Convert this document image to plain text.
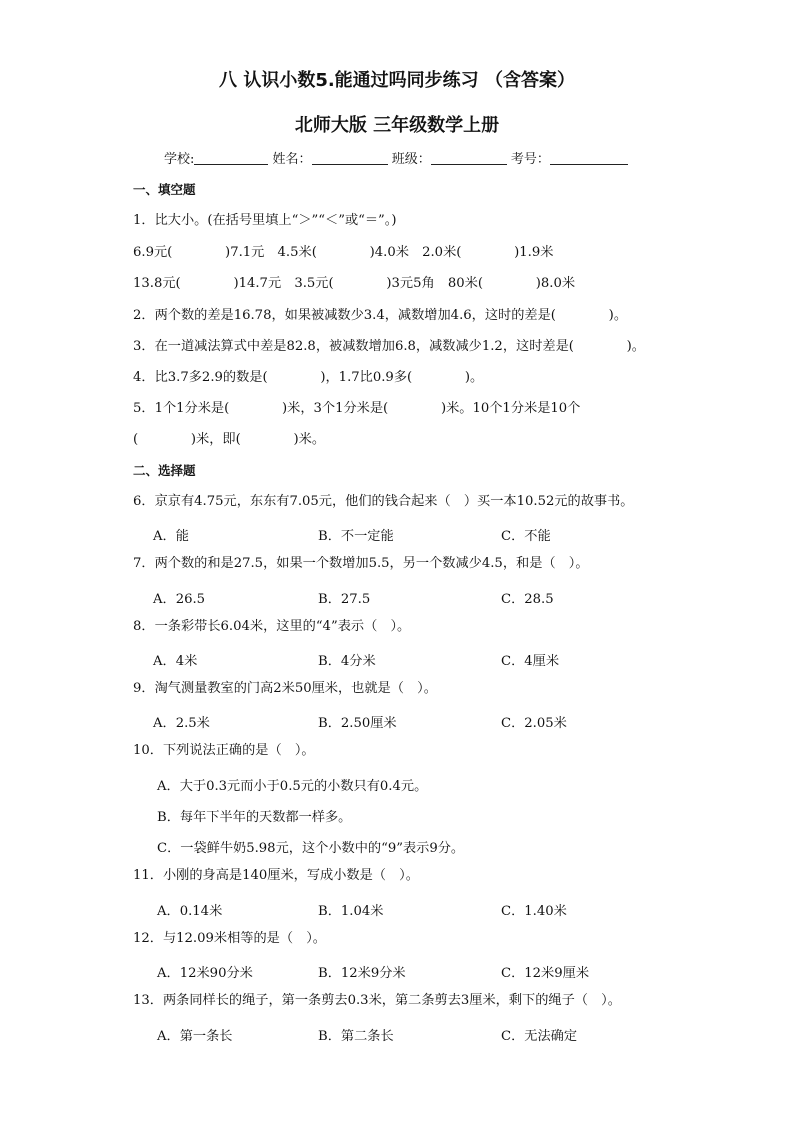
八 认识小数5.能通过吗同步练习 （含答案）
北师大版 三年级数学上册
学校:	姓名：	班级：	考号：
一、填空题
1．比大小。(在括号里填上“＞”“＜”或“＝”。)
6.9元(　　　　)7.1元　4.5米(　　　　)4.0米　2.0米(　　　　)1.9米
13.8元(　　　　)14.7元　3.5元(　　　　)3元5角　80米(　　　　)8.0米
2．两个数的差是16.78，如果被减数少3.4，减数增加4.6，这时的差是(　　　　)。
3．在一道减法算式中差是82.8，被减数增加6.8，减数减少1.2，这时差是(　　　　)。
4．比3.7多2.9的数是(　　　　)，1.7比0.9多(　　　　)。
5．1个1分米是(　　　　)米，3个1分米是(　　　　)米。10个1分米是10个
(　　　　)米，即(　　　　)米。
二、选择题
6．京京有4.75元，东东有7.05元，他们的钱合起来（　）买一本10.52元的故事书。
A．能	B．不一定能	C．不能
7．两个数的和是27.5，如果一个数增加5.5，另一个数减少4.5，和是（　）。
A．26.5	B．27.5	C．28.5
8．一条彩带长6.04米，这里的“4”表示（　）。
A．4米	B．4分米	C．4厘米
9．淘气测量教室的门高2米50厘米，也就是（　）。
A．2.5米	B．2.50厘米	C．2.05米
10．下列说法正确的是（　）。
A．大于0.3元而小于0.5元的小数只有0.4元。
B．每年下半年的天数都一样多。
C．一袋鲜牛奶5.98元，这个小数中的“9”表示9分。
11．小刚的身高是140厘米，写成小数是（　）。
A．0.14米	B．1.04米	C．1.40米
12．与12.09米相等的是（　）。
A．12米90分米	B．12米9分米	C．12米9厘米
13．两条同样长的绳子，第一条剪去0.3米，第二条剪去3厘米，剩下的绳子（　）。
A．第一条长	B．第二条长	C．无法确定
